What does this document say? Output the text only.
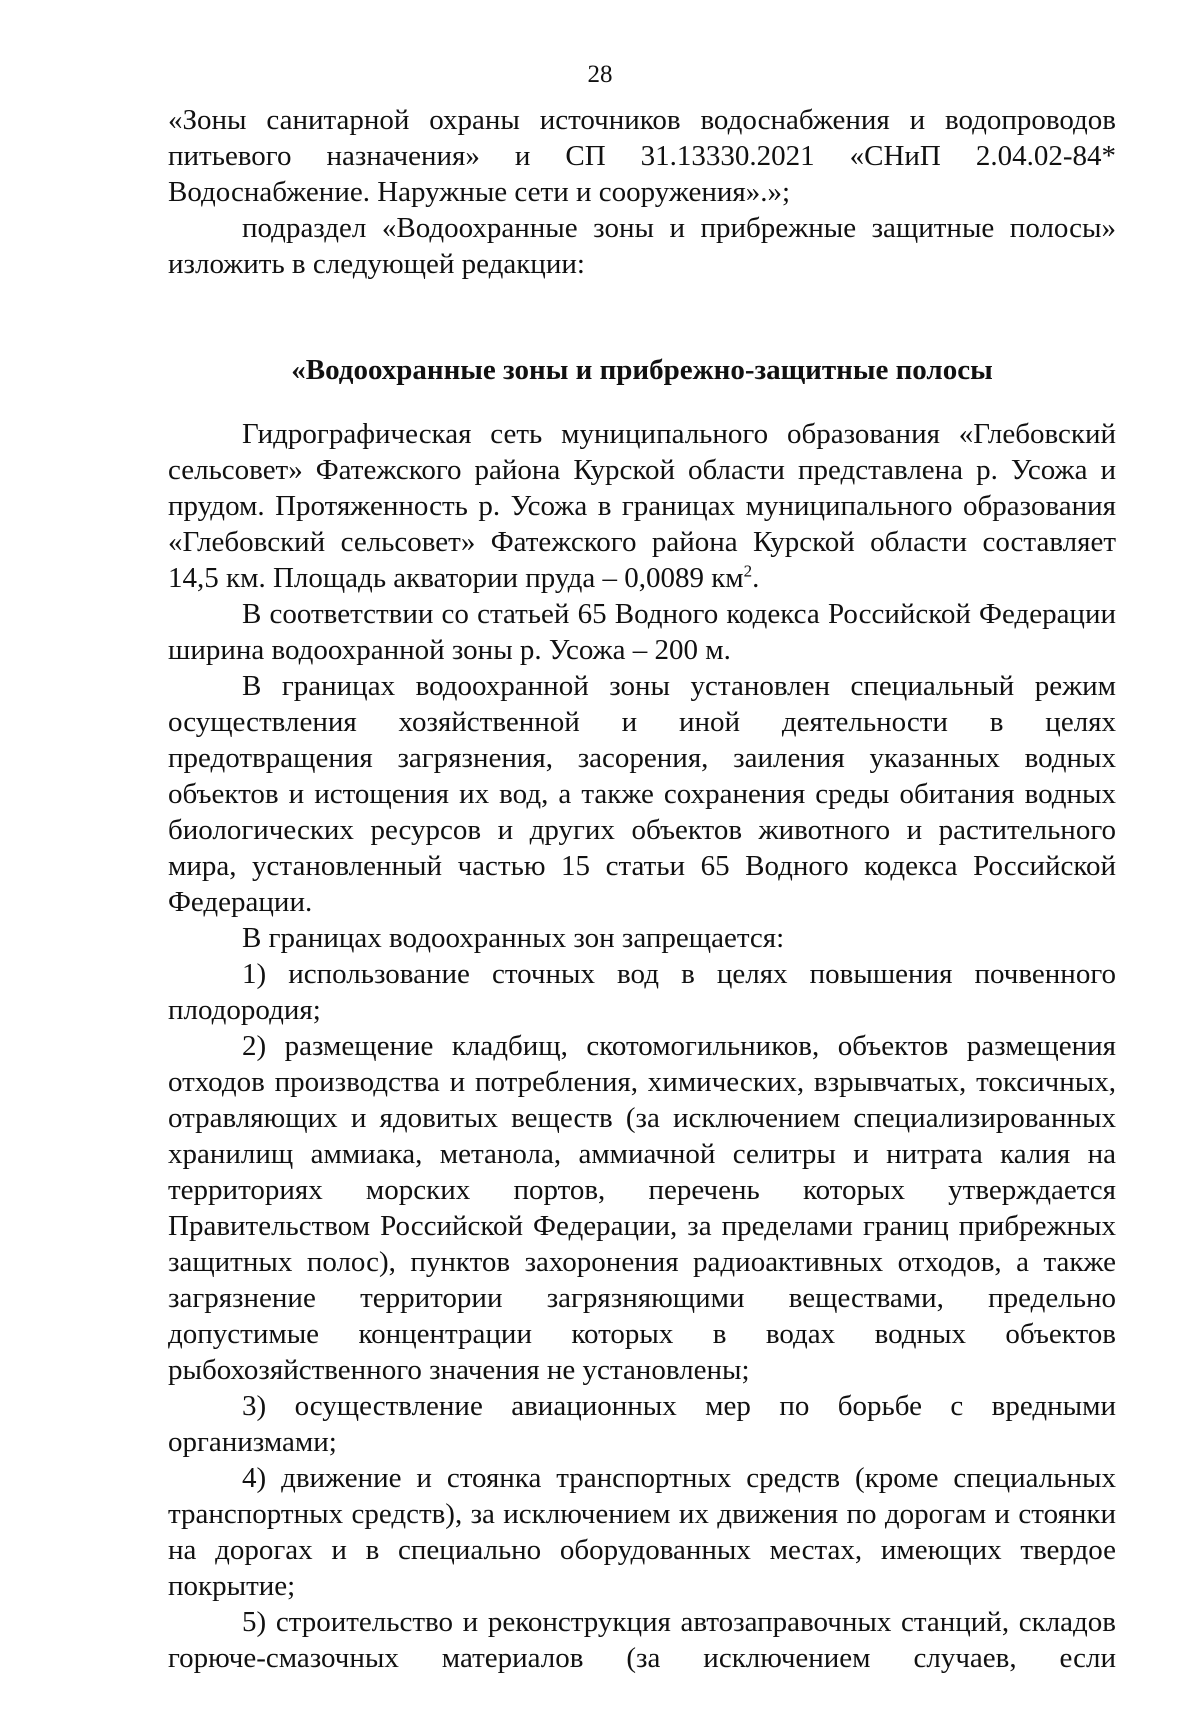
28

«Зоны санитарной охраны источников водоснабжения и водопроводов питьевого назначения» и СП 31.13330.2021 «СНиП 2.04.02-84* Водоснабжение. Наружные сети и сооружения».»;

подраздел «Водоохранные зоны и прибрежные защитные полосы» изложить в следующей редакции:

«Водоохранные зоны и прибрежно-защитные полосы

Гидрографическая сеть муниципального образования «Глебовский сельсовет» Фатежского района Курской области представлена р. Усожа и прудом. Протяженность р. Усожа в границах муниципального образования «Глебовский сельсовет» Фатежского района Курской области составляет 14,5 км. Площадь акватории пруда – 0,0089 $км^2$.

В соответствии со статьей 65 Водного кодекса Российской Федерации ширина водоохранной зоны р. Усожа – 200 м.

В границах водоохранной зоны установлен специальный режим осуществления хозяйственной и иной деятельности в целях предотвращения загрязнения, засорения, заиления указанных водных объектов и истощения их вод, а также сохранения среды обитания водных биологических ресурсов и других объектов животного и растительного мира, установленный частью 15 статьи 65 Водного кодекса Российской Федерации.

В границах водоохранных зон запрещается:

1) использование сточных вод в целях повышения почвенного плодородия;

2) размещение кладбищ, скотомогильников, объектов размещения отходов производства и потребления, химических, взрывчатых, токсичных, отравляющих и ядовитых веществ (за исключением специализированных хранилищ аммиака, метанола, аммиачной селитры и нитрата калия на территориях морских портов, перечень которых утверждается Правительством Российской Федерации, за пределами границ прибрежных защитных полос), пунктов захоронения радиоактивных отходов, а также загрязнение территории загрязняющими веществами, предельно допустимые концентрации которых в водах водных объектов рыбохозяйственного значения не установлены;

3) осуществление авиационных мер по борьбе с вредными организмами;

4) движение и стоянка транспортных средств (кроме специальных транспортных средств), за исключением их движения по дорогам и стоянки на дорогах и в специально оборудованных местах, имеющих твердое покрытие;

5) строительство и реконструкция автозаправочных станций, складов горюче-смазочных материалов (за исключением случаев, если
